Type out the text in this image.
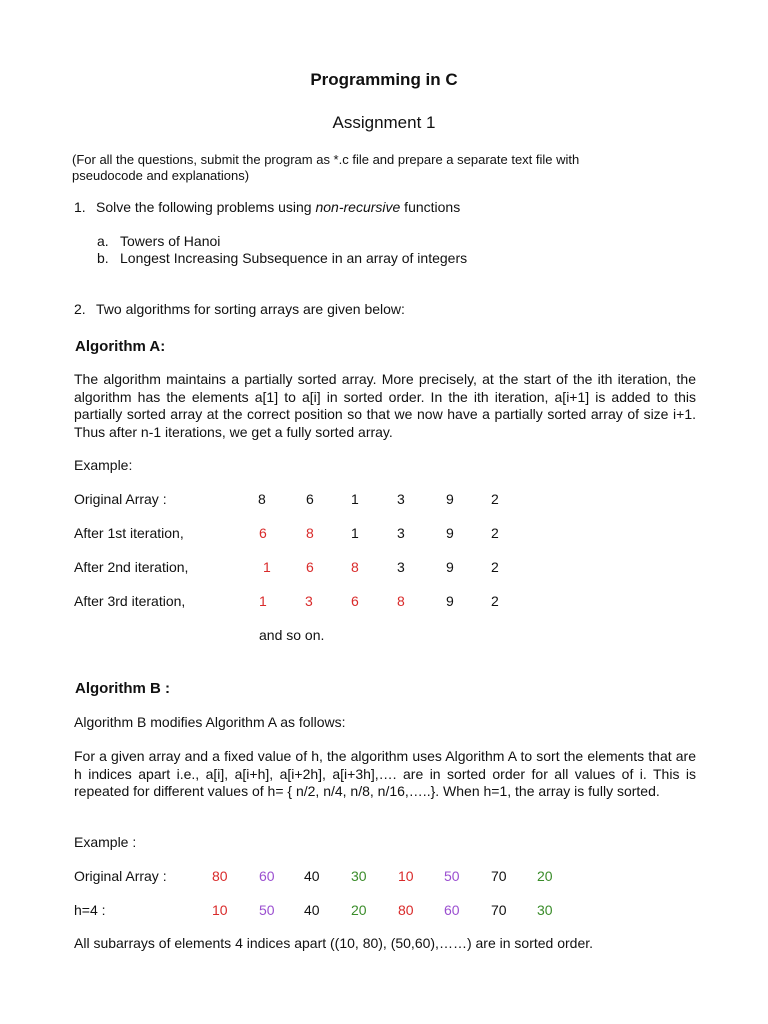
Programming in C
Assignment 1
(For all the questions, submit the program as *.c file and prepare a separate text file with
pseudocode and explanations)
1. Solve the following problems using non-recursive functions
a. Towers of Hanoi
b. Longest Increasing Subsequence in an array of integers
2. Two algorithms for sorting arrays are given below:
Algorithm A:
The algorithm maintains a partially sorted array. More precisely, at the start of the ith iteration, the algorithm has the elements a[1] to a[i] in sorted order. In the ith iteration, a[i+1] is added to this partially sorted array at the correct position so that we now have a partially sorted array of size i+1. Thus after n-1 iterations, we get a fully sorted array.
Example:
Original Array :	8	6	1	3	9	2
After 1st iteration,	6	8	1	3	9	2
After 2nd iteration,	1	6	8	3	9	2
After 3rd iteration,	1	3	6	8	9	2
and so on.
Algorithm B :
Algorithm B modifies Algorithm A as follows:
For a given array and a fixed value of h, the algorithm uses Algorithm A to sort the elements that are h indices apart i.e., a[i], a[i+h], a[i+2h], a[i+3h],…. are in sorted order for all values of i. This is repeated for different values of h= { n/2, n/4, n/8, n/16,…..}. When h=1, the array is fully sorted.
Example :
Original Array :	80 60 40 30 10 50 70 20
h=4 :	10 50 40 20 80 60 70 30
All subarrays of elements 4 indices apart ((10, 80), (50,60),……) are in sorted order.
